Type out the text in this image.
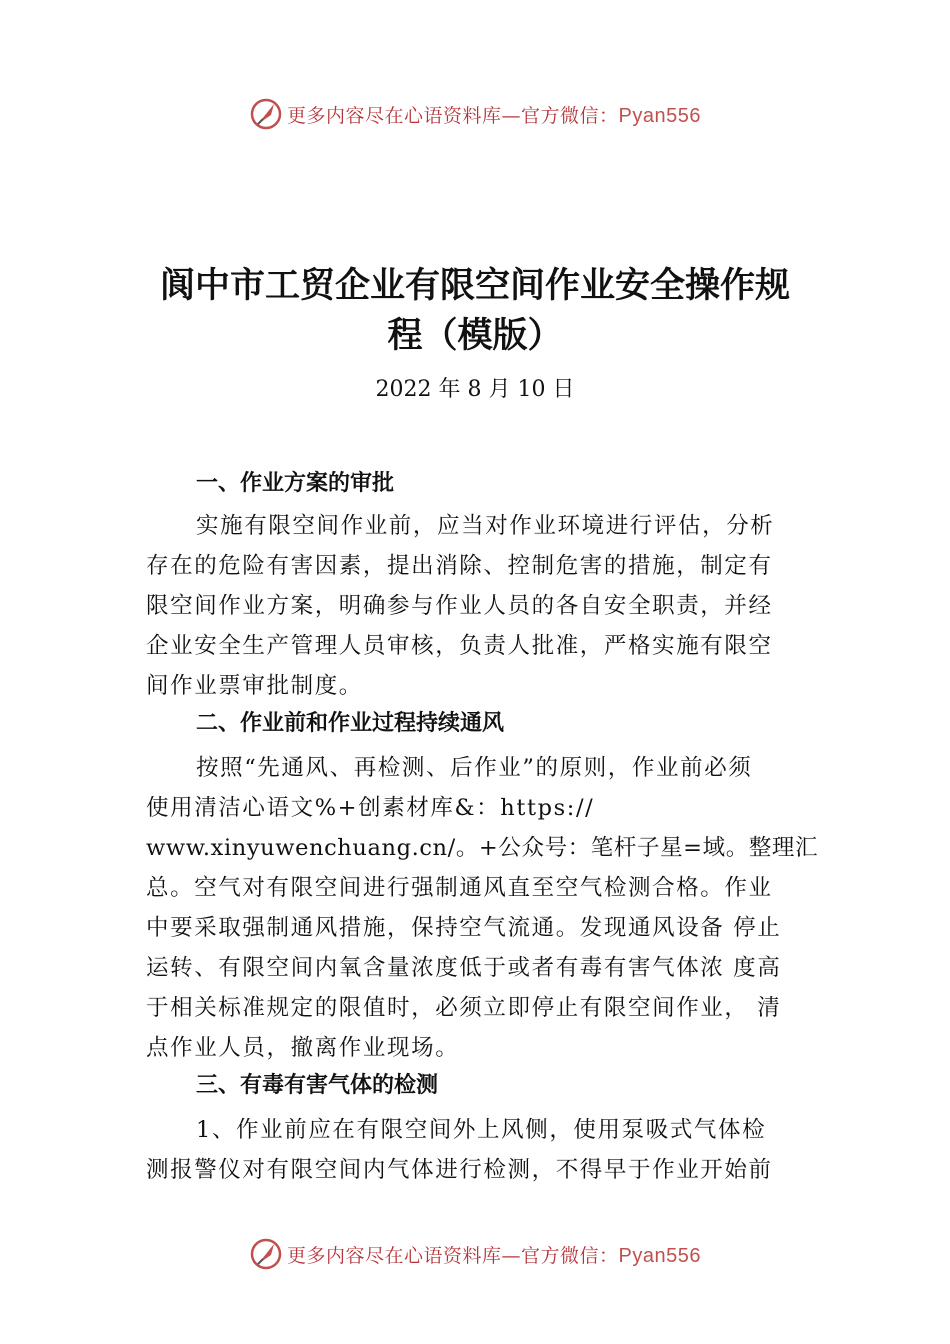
更多内容尽在心语资料库—官方微信：Pyan556
阆中市工贸企业有限空间作业安全操作规
程（模版）
2022 年 8 月 10 日
一、作业方案的审批
实施有限空间作业前，应当对作业环境进行评估，分析
存在的危险有害因素，提出消除、控制危害的措施，制定有
限空间作业方案，明确参与作业人员的各自安全职责，并经
企业安全生产管理人员审核，负责人批准，严格实施有限空
间作业票审批制度。
二、作业前和作业过程持续通风
按照“先通风、再检测、后作业”的原则，作业前必须
使用清洁心语文%+创素材库&：https://
www.xinyuwenchuang.cn/。+公众号：笔杆子星=域。整理汇
总。空气对有限空间进行强制通风直至空气检测合格。作业
中要采取强制通风措施，保持空气流通。发现通风设备 停止
运转、有限空间内氧含量浓度低于或者有毒有害气体浓 度高
于相关标准规定的限值时，必须立即停止有限空间作业， 清
点作业人员，撤离作业现场。
三、有毒有害气体的检测
1、作业前应在有限空间外上风侧，使用泵吸式气体检
测报警仪对有限空间内气体进行检测，不得早于作业开始前
更多内容尽在心语资料库—官方微信：Pyan556
